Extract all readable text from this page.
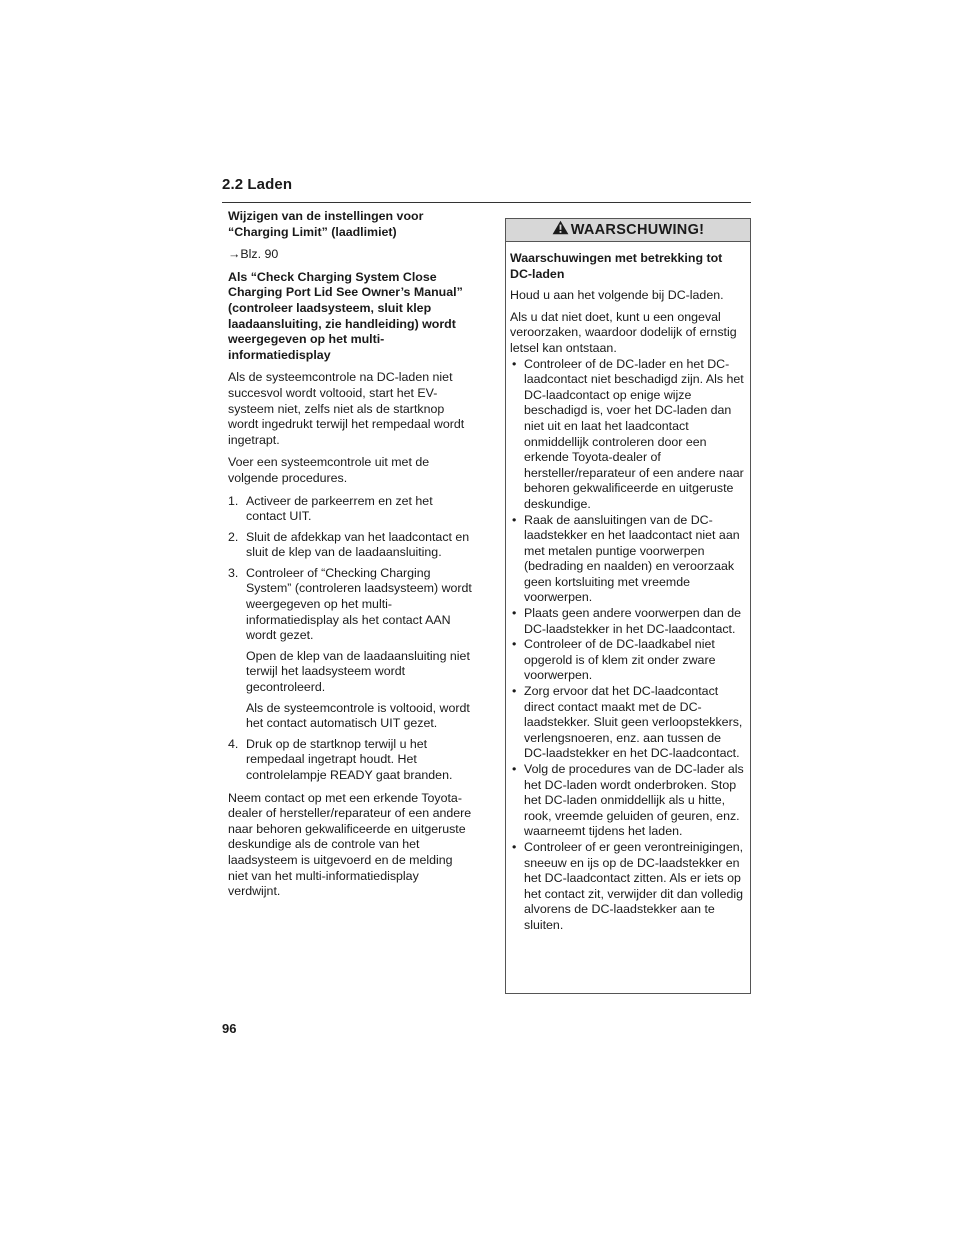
2.2 Laden
Wijzigen van de instellingen voor “Charging Limit” (laadlimiet)

→Blz. 90

Als “Check Charging System Close Charging Port Lid See Owner’s Manual” (controleer laadsysteem, sluit klep laadaansluiting, zie handleiding) wordt weergegeven op het multi-informatiedisplay

Als de systeemcontrole na DC-laden niet succesvol wordt voltooid, start het EV-systeem niet, zelfs niet als de startknop wordt ingedrukt terwijl het rempedaal wordt ingetrapt.

Voer een systeemcontrole uit met de volgende procedures.

1. Activeer de parkeerrem en zet het contact UIT.
2. Sluit de afdekkap van het laadcontact en sluit de klep van de laadaansluiting.
3. Controleer of “Checking Charging System” (controleren laadsysteem) wordt weergegeven op het multi-informatiedisplay als het contact AAN wordt gezet.

Open de klep van de laadaansluiting niet terwijl het laadsysteem wordt gecontroleerd.

Als de systeemcontrole is voltooid, wordt het contact automatisch UIT gezet.

4. Druk op de startknop terwijl u het rempedaal ingetrapt houdt. Het controlelampje READY gaat branden.

Neem contact op met een erkende Toyota-dealer of hersteller/reparateur of een andere naar behoren gekwalificeerde en uitgeruste deskundige als de controle van het laadsysteem is uitgevoerd en de melding niet van het multi-informatiedisplay verdwijnt.

WAARSCHUWING!
Waarschuwingen met betrekking tot DC-laden

Houd u aan het volgende bij DC-laden.

Als u dat niet doet, kunt u een ongeval veroorzaken, waardoor dodelijk of ernstig letsel kan ontstaan.

• Controleer of de DC-lader en het DC-laadcontact niet beschadigd zijn. Als het DC-laadcontact op enige wijze beschadigd is, voer het DC-laden dan niet uit en laat het laadcontact onmiddellijk controleren door een erkende Toyota-dealer of hersteller/reparateur of een andere naar behoren gekwalificeerde en uitgeruste deskundige.
• Raak de aansluitingen van de DC-laadstekker en het laadcontact niet aan met metalen puntige voorwerpen (bedrading en naalden) en veroorzaak geen kortsluiting met vreemde voorwerpen.
• Plaats geen andere voorwerpen dan de DC-laadstekker in het DC-laadcontact.
• Controleer of de DC-laadkabel niet opgerold is of klem zit onder zware voorwerpen.
• Zorg ervoor dat het DC-laadcontact direct contact maakt met de DC-laadstekker. Sluit geen verloopstekkers, verlengsnoeren, enz. aan tussen de DC-laadstekker en het DC-laadcontact.
• Volg de procedures van de DC-lader als het DC-laden wordt onderbroken. Stop het DC-laden onmiddellijk als u hitte, rook, vreemde geluiden of geuren, enz. waarneemt tijdens het laden.
• Controleer of er geen verontreinigingen, sneeuw en ijs op de DC-laadstekker en het DC-laadcontact zitten. Als er iets op het contact zit, verwijder dit dan volledig alvorens de DC-laadstekker aan te sluiten.
96
